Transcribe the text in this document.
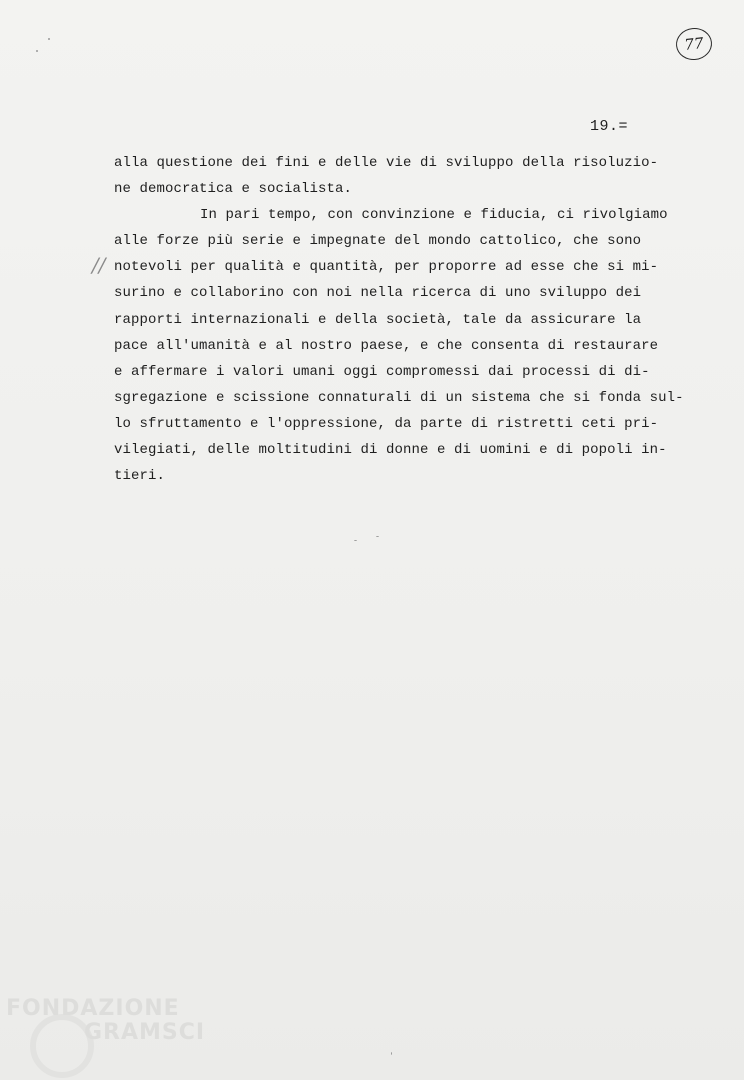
77
19.=
//
alla questione dei fini e delle vie di sviluppo della risoluzio-
ne democratica e socialista.
In pari tempo, con convinzione e fiducia, ci rivolgiamo
alle forze più serie e impegnate del mondo cattolico, che sono
notevoli per qualità e quantità, per proporre ad esse che si mi-
surino e collaborino con noi nella ricerca di uno sviluppo dei
rapporti internazionali e della società, tale da assicurare la
pace all'umanità e al nostro paese, e che consenta di restaurare
e affermare i valori umani oggi compromessi dai processi di di-
sgregazione e scissione connaturali di un sistema che si fonda sul-
lo sfruttamento e l'oppressione, da parte di ristretti ceti pri-
vilegiati, delle moltitudini di donne e di uomini e di popoli in-
tieri.
FONDAZIONE
GRAMSCI
